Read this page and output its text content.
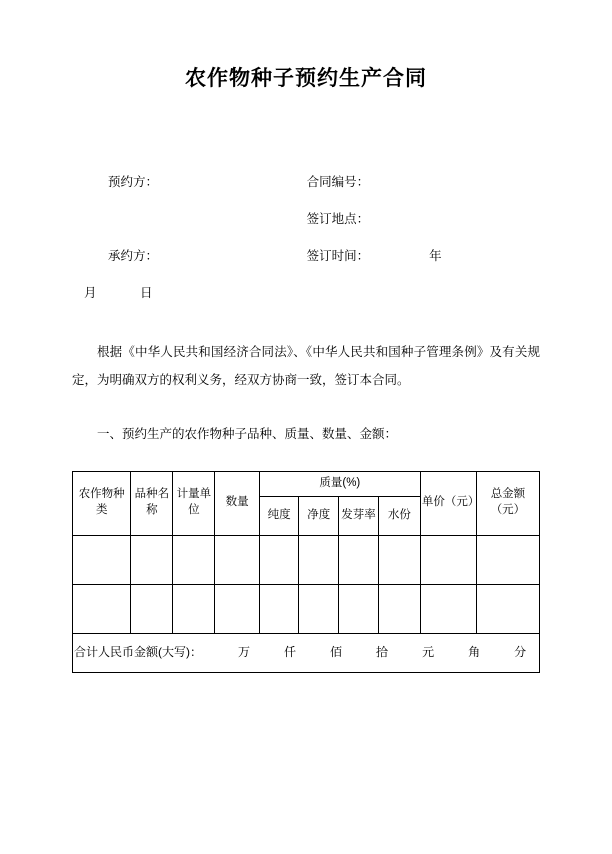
农作物种子预约生产合同
预约方：	合同编号：
签订地点：
承约方：	签订时间：	年
月	日

根据《中华人民共和国经济合同法》、《中华人民共和国种子管理条例》及有关规定，为明确双方的权利义务，经双方协商一致，签订本合同。

一、预约生产的农作物种子品种、质量、数量、金额：

农作物种类	品种名称	计量单位	数量	质量(%)				单价（元）	总金额（元）
				纯度	净度	发芽率	水份		

合计人民币金额(大写)：	万	仟	佰	拾	元	角	分
